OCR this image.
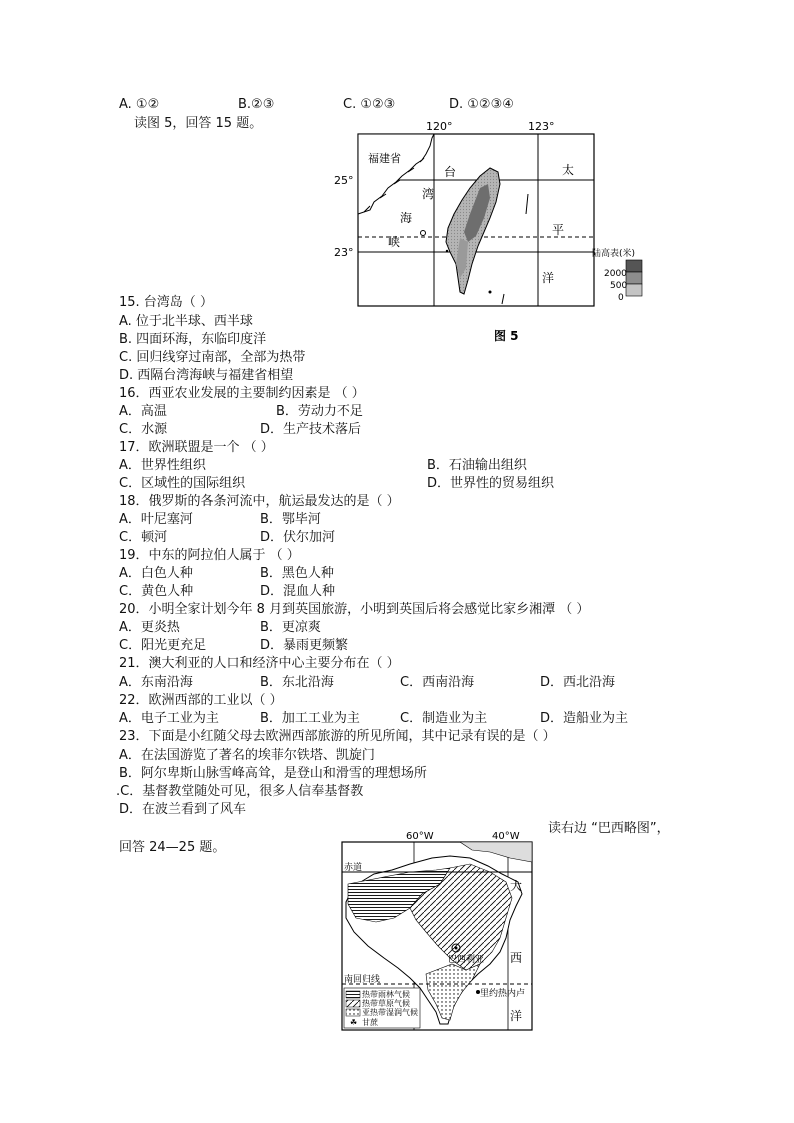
A. ①②	B.②③	C. ①②③	D. ①②③④
读图 5，回答 15 题。	120°	123°
25°
23°
福建省
台
湾
海
峡
太
平
洋
陆高表(米)
2000
500
0
图 5
15. 台湾岛（ ）
A. 位于北半球、西半球
B. 四面环海，东临印度洋
C. 回归线穿过南部，全部为热带
D. 西隔台湾海峡与福建省相望
16．西亚农业发展的主要制约因素是 （ ）
A．高温	B．劳动力不足
C．水源	D．生产技术落后
17．欧洲联盟是一个 （ ）
A．世界性组织	B．石油输出组织
C．区域性的国际组织	D．世界性的贸易组织
18．俄罗斯的各条河流中，航运最发达的是（ ）
A．叶尼塞河	B．鄂毕河
C．顿河	D．伏尔加河
19．中东的阿拉伯人属于 （ ）
A．白色人种	B．黑色人种
C．黄色人种	D．混血人种
20．小明全家计划今年 8 月到英国旅游，小明到英国后将会感觉比家乡湘潭 （ ）
A．更炎热	B．更凉爽
C．阳光更充足	D．暴雨更频繁
21．澳大利亚的人口和经济中心主要分布在（ ）
A．东南沿海	B．东北沿海	C．西南沿海	D．西北沿海
22．欧洲西部的工业以（ ）
A．电子工业为主	B．加工工业为主	C．制造业为主	D．造船业为主
23．下面是小红随父母去欧洲西部旅游的所见所闻，其中记录有误的是（ ）
A．在法国游览了著名的埃菲尔铁塔、凯旋门
B．阿尔卑斯山脉雪峰高耸，是登山和滑雪的理想场所
.C．基督教堂随处可见，很多人信奉基督教
D．在波兰看到了风车
读右边 “巴西略图”，
回答 24—25 题。
60°W	40°W
赤道
南回归线
巴西利亚
里约热内卢
大
西
洋
☘
热带雨林气候
热带草原气候
亚热带湿润气候
甘蔗
